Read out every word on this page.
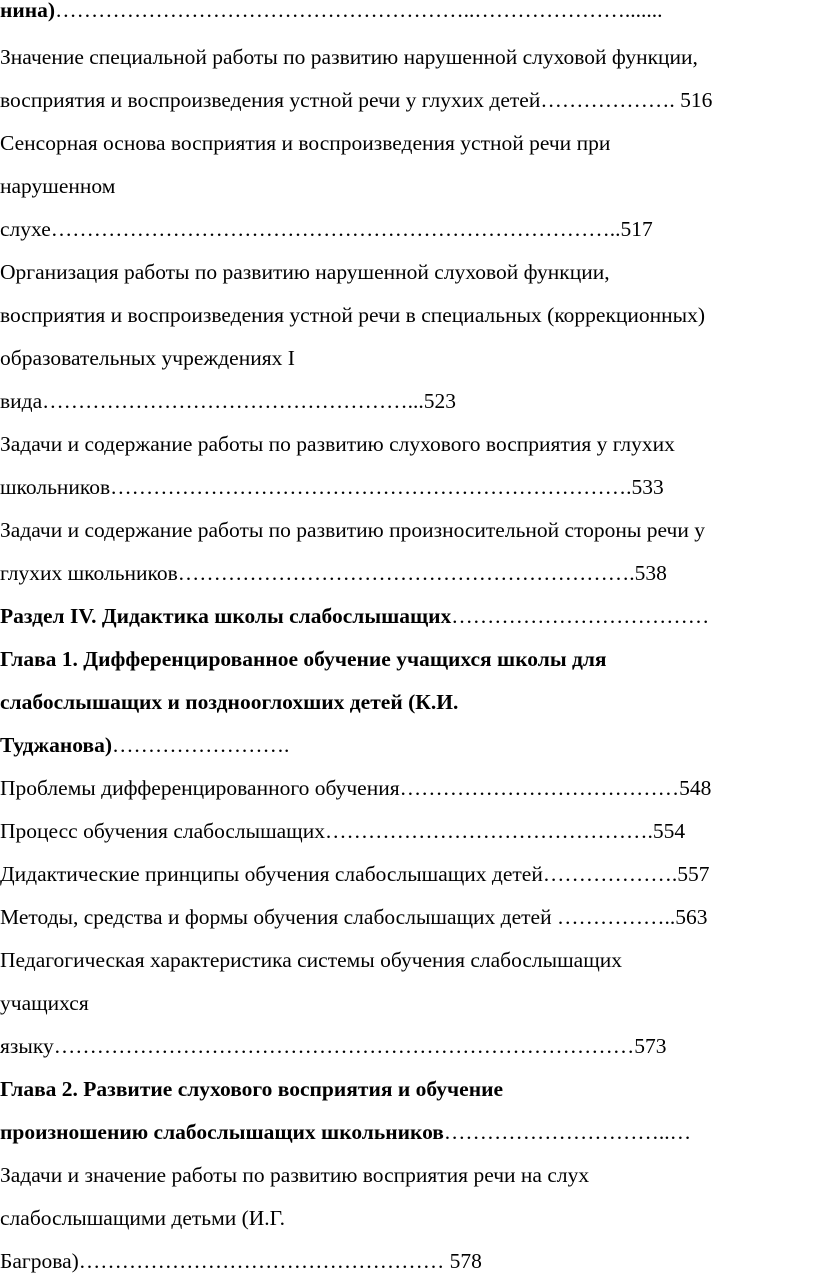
нина)…………………………………………………..………………….......

Значение специальной работы по развитию нарушенной слуховой функции,

восприятия и воспроизведения устной речи у глухих детей………………. 516

Сенсорная основа восприятия и воспроизведения устной речи при

нарушенном

слухе……………………………………………………………………..517

Организация работы по развитию нарушенной слуховой функции,

восприятия и воспроизведения устной речи в специальных (коррекционных)

образовательных учреждениях I

вида……………………………………………...523

Задачи и содержание работы по развитию слухового восприятия у глухих

школьников……………………………………………………………….533

Задачи и содержание работы по развитию произносительной стороны речи у

глухих школьников……………………………………………………….538

Раздел IV. Дидактика школы слабослышащих………………………………

Глава 1. Дифференцированное обучение учащихся школы для

слабослышащих и позднооглохших детей (К.И.

Туджанова)…………………….

Проблемы дифференцированного обучения…………………………………548

Процесс обучения слабослышащих……………………………………….554

Дидактические принципы обучения слабослышащих детей……………….557

Методы, средства и формы обучения слабослышащих детей ……………..563

Педагогическая характеристика системы обучения слабослышащих

учащихся

языку………………………………………………………………………573

Глава 2. Развитие слухового восприятия и обучение

произношению слабослышащих школьников…………………………..…

Задачи и значение работы по развитию восприятия речи на слух

слабослышащими детьми (И.Г.

Багрова)…………………………………………… 578
